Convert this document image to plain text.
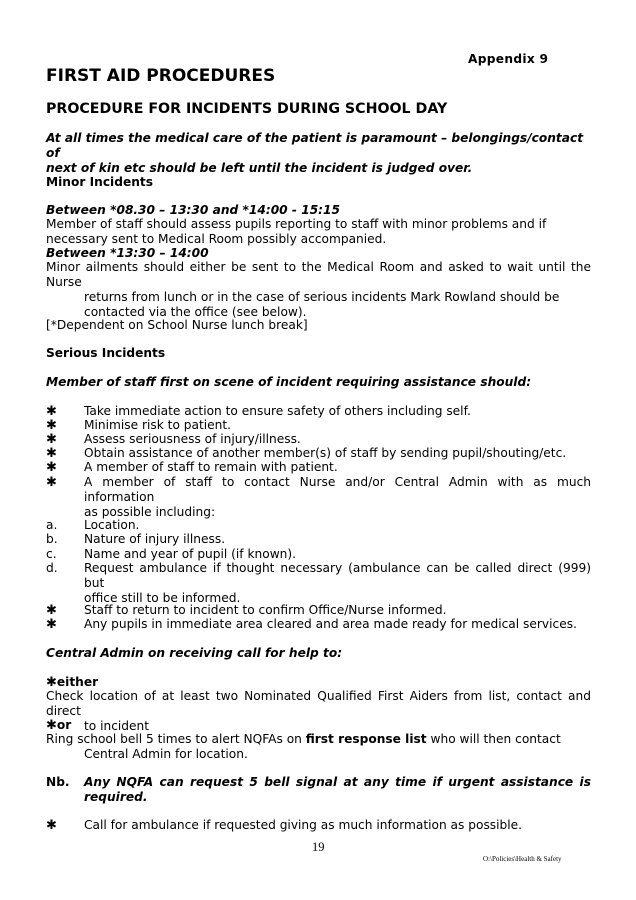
Appendix 9
FIRST AID PROCEDURES
PROCEDURE FOR INCIDENTS DURING SCHOOL DAY
At all times the medical care of the patient is paramount – belongings/contact of
next of kin etc should be left until the incident is judged over.
Minor Incidents
Between *08.30 – 13:30 and *14:00 - 15:15
Member of staff should assess pupils reporting to staff with minor problems and if
necessary sent to Medical Room possibly accompanied.
Between *13:30 – 14:00
Minor ailments should either be sent to the Medical Room and asked to wait until the Nurse
returns from lunch or in the case of serious incidents Mark Rowland should be
contacted via the office (see below).
[*Dependent on School Nurse lunch break]
Serious Incidents
Member of staff first on scene of incident requiring assistance should:
✱ Take immediate action to ensure safety of others including self.
✱ Minimise risk to patient.
✱ Assess seriousness of injury/illness.
✱ Obtain assistance of another member(s) of staff by sending pupil/shouting/etc.
✱ A member of staff to remain with patient.
✱ A member of staff to contact Nurse and/or Central Admin with as much information
as possible including:
a. Location.
b. Nature of injury illness.
c. Name and year of pupil (if known).
d. Request ambulance if thought necessary (ambulance can be called direct (999) but
office still to be informed.
✱ Staff to return to incident to confirm Office/Nurse informed.
✱ Any pupils in immediate area cleared and area made ready for medical services.
Central Admin on receiving call for help to:
✱either
Check location of at least two Nominated Qualified First Aiders from list, contact and direct
to incident
✱or
Ring school bell 5 times to alert NQFAs on first response list who will then contact
Central Admin for location.
Nb. Any NQFA can request 5 bell signal at any time if urgent assistance is
required.
✱ Call for ambulance if requested giving as much information as possible.
19
O:\Policies\Health & Safety
